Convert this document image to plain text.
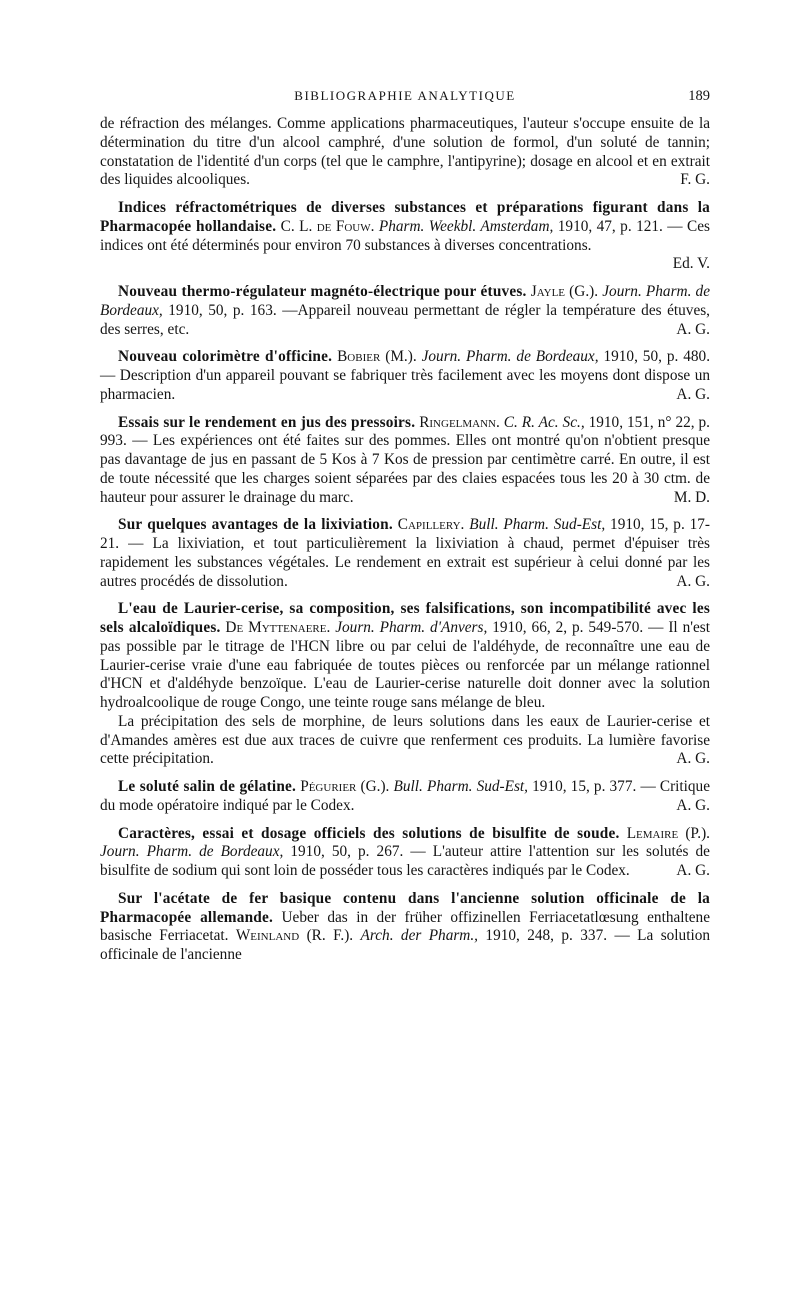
BIBLIOGRAPHIE ANALYTIQUE	189

de réfraction des mélanges. Comme applications pharmaceutiques, l'auteur s'occupe ensuite de la détermination du titre d'un alcool camphré, d'une solution de formol, d'un soluté de tannin; constatation de l'identité d'un corps (tel que le camphre, l'antipyrine); dosage en alcool et en extrait des liquides alcooliques.	F. G.

Indices réfractométriques de diverses substances et préparations figurant dans la Pharmacopée hollandaise. C. L. de Fouw. Pharm. Weekbl. Amsterdam, 1910, 47, p. 121. — Ces indices ont été déterminés pour environ 70 substances à diverses concentrations.

Ed. V.

Nouveau thermo-régulateur magnéto-électrique pour étuves. Jayle (G.). Journ. Pharm. de Bordeaux, 1910, 50, p. 163. —Appareil nouveau permettant de régler la température des étuves, des serres, etc.	A. G.

Nouveau colorimètre d'officine. Bobier (M.). Journ. Pharm. de Bordeaux, 1910, 50, p. 480. — Description d'un appareil pouvant se fabriquer très facilement avec les moyens dont dispose un pharmacien.	A. G.

Essais sur le rendement en jus des pressoirs. Ringelmann. C. R. Ac. Sc., 1910, 151, n° 22, p. 993. — Les expériences ont été faites sur des pommes. Elles ont montré qu'on n'obtient presque pas davantage de jus en passant de 5 Kos à 7 Kos de pression par centimètre carré. En outre, il est de toute nécessité que les charges soient séparées par des claies espacées tous les 20 à 30 ctm. de hauteur pour assurer le drainage du marc.	M. D.

Sur quelques avantages de la lixiviation. Capillery. Bull. Pharm. Sud-Est, 1910, 15, p. 17-21. — La lixiviation, et tout particulièrement la lixiviation à chaud, permet d'épuiser très rapidement les substances végétales. Le rendement en extrait est supérieur à celui donné par les autres procédés de dissolution.	A. G.

L'eau de Laurier-cerise, sa composition, ses falsifications, son incompatibilité avec les sels alcaloïdiques. De Myttenaere. Journ. Pharm. d'Anvers, 1910, 66, 2, p. 549-570. — Il n'est pas possible par le titrage de l'HCN libre ou par celui de l'aldéhyde, de reconnaître une eau de Laurier-cerise vraie d'une eau fabriquée de toutes pièces ou renforcée par un mélange rationnel d'HCN et d'aldéhyde benzoïque. L'eau de Laurier-cerise naturelle doit donner avec la solution hydroalcoolique de rouge Congo, une teinte rouge sans mélange de bleu.

La précipitation des sels de morphine, de leurs solutions dans les eaux de Laurier-cerise et d'Amandes amères est due aux traces de cuivre que renferment ces produits. La lumière favorise cette précipitation.	A. G.

Le soluté salin de gélatine. Pégurier (G.). Bull. Pharm. Sud-Est, 1910, 15, p. 377. — Critique du mode opératoire indiqué par le Codex.	A. G.

Caractères, essai et dosage officiels des solutions de bisulfite de soude. Lemaire (P.). Journ. Pharm. de Bordeaux, 1910, 50, p. 267. — L'auteur attire l'attention sur les solutés de bisulfite de sodium qui sont loin de posséder tous les caractères indiqués par le Codex.	A. G.

Sur l'acétate de fer basique contenu dans l'ancienne solution officinale de la Pharmacopée allemande. Ueber das in der früher offizinellen Ferriacetatlœsung enthaltene basische Ferriacetat. Weinland (R. F.). Arch. der Pharm., 1910, 248, p. 337. — La solution officinale de l'ancienne
